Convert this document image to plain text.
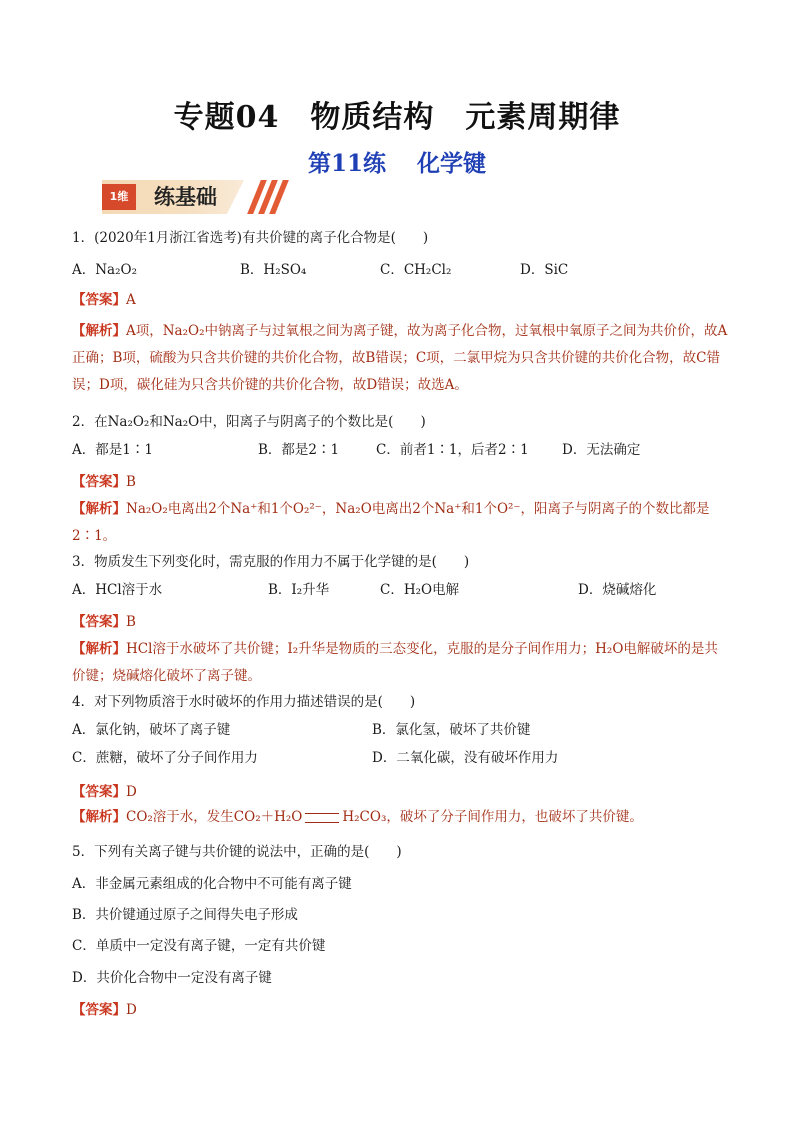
专题04　物质结构　元素周期律
第11练　 化学键
1维	练基础
1．(2020年1月浙江省选考)有共价键的离子化合物是(　　)
A．Na₂O₂	B．H₂SO₄	C．CH₂Cl₂	D．SiC
【答案】A
【解析】A项，Na₂O₂中钠离子与过氧根之间为离子键，故为离子化合物，过氧根中氧原子之间为共价价，故A正确；B项，硫酸为只含共价键的共价化合物，故B错误；C项，二氯甲烷为只含共价键的共价化合物，故C错误；D项，碳化硅为只含共价键的共价化合物，故D错误；故选A。
2．在Na₂O₂和Na₂O中，阳离子与阴离子的个数比是(　　)
A．都是1∶1	B．都是2∶1	C．前者1∶1，后者2∶1 D．无法确定
【答案】B
【解析】Na₂O₂电离出2个Na⁺和1个O₂²⁻，Na₂O电离出2个Na⁺和1个O²⁻，阳离子与阴离子的个数比都是2∶1。
3．物质发生下列变化时，需克服的作用力不属于化学键的是(　　)
A．HCl溶于水	B．I₂升华	C．H₂O电解	D．烧碱熔化
【答案】B
【解析】HCl溶于水破坏了共价键；I₂升华是物质的三态变化，克服的是分子间作用力；H₂O电解破坏的是共价键；烧碱熔化破坏了离子键。
4．对下列物质溶于水时破坏的作用力描述错误的是(　　)
A．氯化钠，破坏了离子键	B．氯化氢，破坏了共价键
C．蔗糖，破坏了分子间作用力	D．二氧化碳，没有破坏作用力
【答案】D
【解析】CO₂溶于水，发生CO₂＋H₂O	H₂CO₃，破坏了分子间作用力，也破坏了共价键。
5．下列有关离子键与共价键的说法中，正确的是(　　)
A．非金属元素组成的化合物中不可能有离子键
B．共价键通过原子之间得失电子形成
C．单质中一定没有离子键，一定有共价键
D．共价化合物中一定没有离子键
【答案】D
